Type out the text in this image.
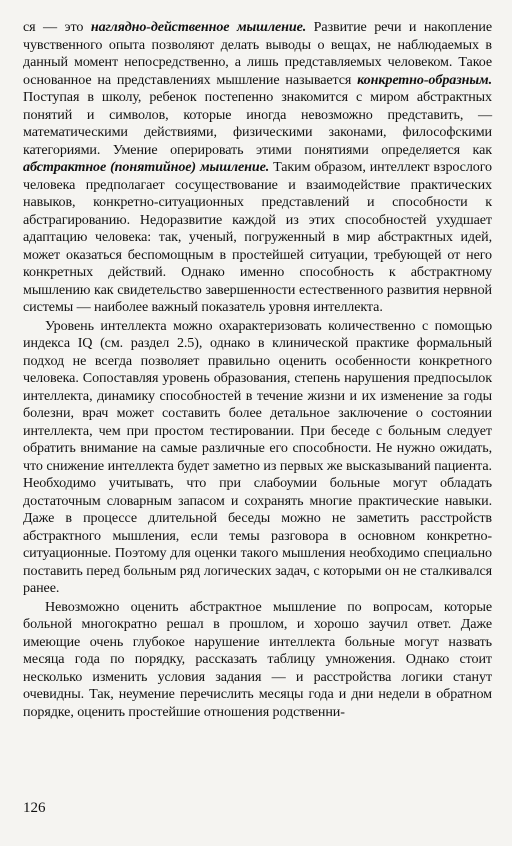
ся — это наглядно-действенное мышление. Развитие речи и накопление чувственного опыта позволяют делать выводы о вещах, не наблюдаемых в данный момент непосредственно, а лишь представляемых человеком. Такое основанное на представлениях мышление называется конкретно-образным. Поступая в школу, ребенок постепенно знакомится с миром абстрактных понятий и символов, которые иногда невозможно представить, — математическими действиями, физическими законами, философскими категориями. Умение оперировать этими понятиями определяется как абстрактное (понятийное) мышление. Таким образом, интеллект взрослого человека предполагает сосуществование и взаимодействие практических навыков, конкретно-ситуационных представлений и способности к абстрагированию. Недоразвитие каждой из этих способностей ухудшает адаптацию человека: так, ученый, погруженный в мир абстрактных идей, может оказаться беспомощным в простейшей ситуации, требующей от него конкретных действий. Однако именно способность к абстрактному мышлению как свидетельство завершенности естественного развития нервной системы — наиболее важный показатель уровня интеллекта.

Уровень интеллекта можно охарактеризовать количественно с помощью индекса IQ (см. раздел 2.5), однако в клинической практике формальный подход не всегда позволяет правильно оценить особенности конкретного человека. Сопоставляя уровень образования, степень нарушения предпосылок интеллекта, динамику способностей в течение жизни и их изменение за годы болезни, врач может составить более детальное заключение о состоянии интеллекта, чем при простом тестировании. При беседе с больным следует обратить внимание на самые различные его способности. Не нужно ожидать, что снижение интеллекта будет заметно из первых же высказываний пациента. Необходимо учитывать, что при слабоумии больные могут обладать достаточным словарным запасом и сохранять многие практические навыки. Даже в процессе длительной беседы можно не заметить расстройств абстрактного мышления, если темы разговора в основном конкретно-ситуационные. Поэтому для оценки такого мышления необходимо специально поставить перед больным ряд логических задач, с которыми он не сталкивался ранее.

Невозможно оценить абстрактное мышление по вопросам, которые больной многократно решал в прошлом, и хорошо заучил ответ. Даже имеющие очень глубокое нарушение интеллекта больные могут назвать месяца года по порядку, рассказать таблицу умножения. Однако стоит несколько изменить условия задания — и расстройства логики станут очевидны. Так, неумение перечислить месяцы года и дни недели в обратном порядке, оценить простейшие отношения родственни-

126
